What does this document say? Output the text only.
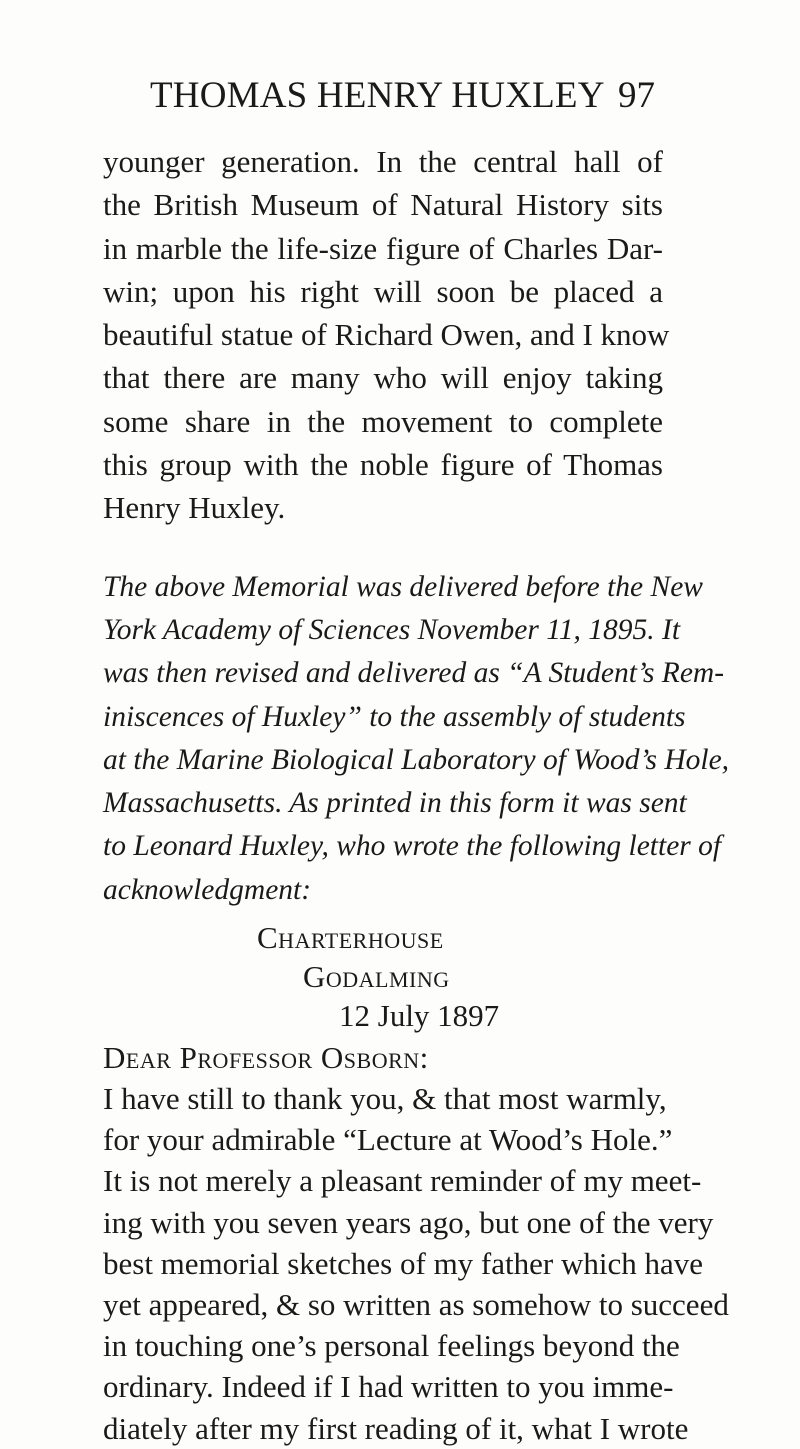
THOMAS HENRY HUXLEY 97
younger generation. In the central hall of
the British Museum of Natural History sits
in marble the life-size figure of Charles Dar-
win; upon his right will soon be placed a
beautiful statue of Richard Owen, and I know
that there are many who will enjoy taking
some share in the movement to complete
this group with the noble figure of Thomas
Henry Huxley.
The above Memorial was delivered before the New
York Academy of Sciences November 11, 1895. It
was then revised and delivered as “A Student’s Rem-
iniscences of Huxley” to the assembly of students
at the Marine Biological Laboratory of Wood’s Hole,
Massachusetts. As printed in this form it was sent
to Leonard Huxley, who wrote the following letter of
acknowledgment:
Charterhouse
Godalming
12 July 1897
Dear Professor Osborn:
I have still to thank you, & that most warmly,
for your admirable “Lecture at Wood’s Hole.”
It is not merely a pleasant reminder of my meet-
ing with you seven years ago, but one of the very
best memorial sketches of my father which have
yet appeared, & so written as somehow to succeed
in touching one’s personal feelings beyond the
ordinary. Indeed if I had written to you imme-
diately after my first reading of it, what I wrote
